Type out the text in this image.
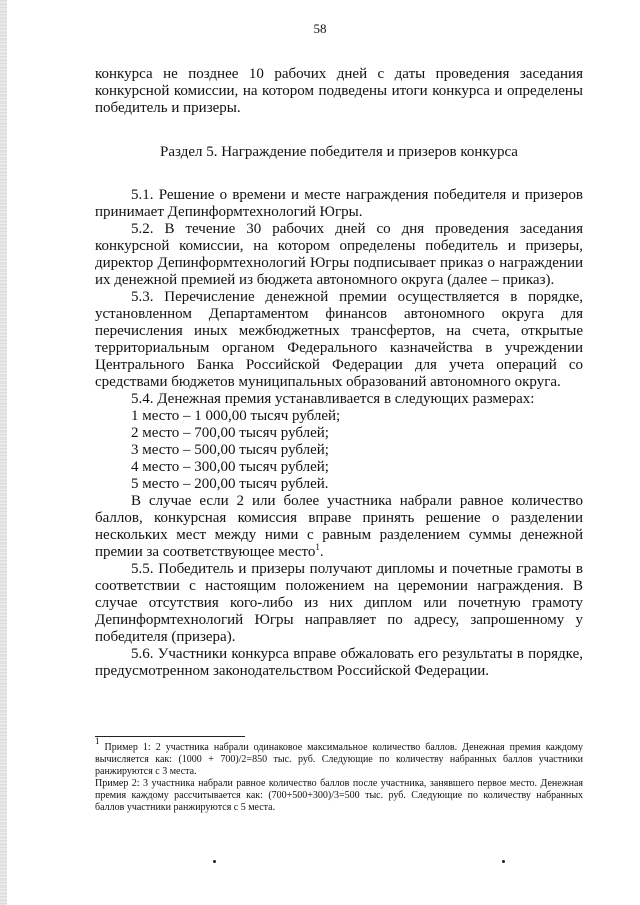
58

конкурса не позднее 10 рабочих дней с даты проведения заседания конкурсной комиссии, на котором подведены итоги конкурса и определены победитель и призеры.

Раздел 5. Награждение победителя и призеров конкурса

5.1. Решение о времени и месте награждения победителя и призеров принимает Депинформтехнологий Югры.

5.2. В течение 30 рабочих дней со дня проведения заседания конкурсной комиссии, на котором определены победитель и призеры, директор Депинформтехнологий Югры подписывает приказ о награждении их денежной премией из бюджета автономного округа (далее – приказ).

5.3. Перечисление денежной премии осуществляется в порядке, установленном Департаментом финансов автономного округа для перечисления иных межбюджетных трансфертов, на счета, открытые территориальным органом Федерального казначейства в учреждении Центрального Банка Российской Федерации для учета операций со средствами бюджетов муниципальных образований автономного округа.

5.4. Денежная премия устанавливается в следующих размерах:

1 место – 1 000,00 тысяч рублей;

2 место – 700,00 тысяч рублей;

3 место – 500,00 тысяч рублей;

4 место – 300,00 тысяч рублей;

5 место – 200,00 тысяч рублей.

В случае если 2 или более участника набрали равное количество баллов, конкурсная комиссия вправе принять решение о разделении нескольких мест между ними с равным разделением суммы денежной премии за соответствующее место$^1$.

5.5. Победитель и призеры получают дипломы и почетные грамоты в соответствии с настоящим положением на церемонии награждения. В случае отсутствия кого-либо из них диплом или почетную грамоту Депинформтехнологий Югры направляет по адресу, запрошенному у победителя (призера).

5.6. Участники конкурса вправе обжаловать его результаты в порядке, предусмотренном законодательством Российской Федерации.

1 Пример 1: 2 участника набрали одинаковое максимальное количество баллов. Денежная премия каждому вычисляется как: (1000 + 700)/2=850 тыс. руб. Следующие по количеству набранных баллов участники ранжируются с 3 места.

Пример 2: 3 участника набрали равное количество баллов после участника, занявшего первое место. Денежная премия каждому рассчитывается как: (700+500+300)/3=500 тыс. руб. Следующие по количеству набранных баллов участники ранжируются с 5 места.
